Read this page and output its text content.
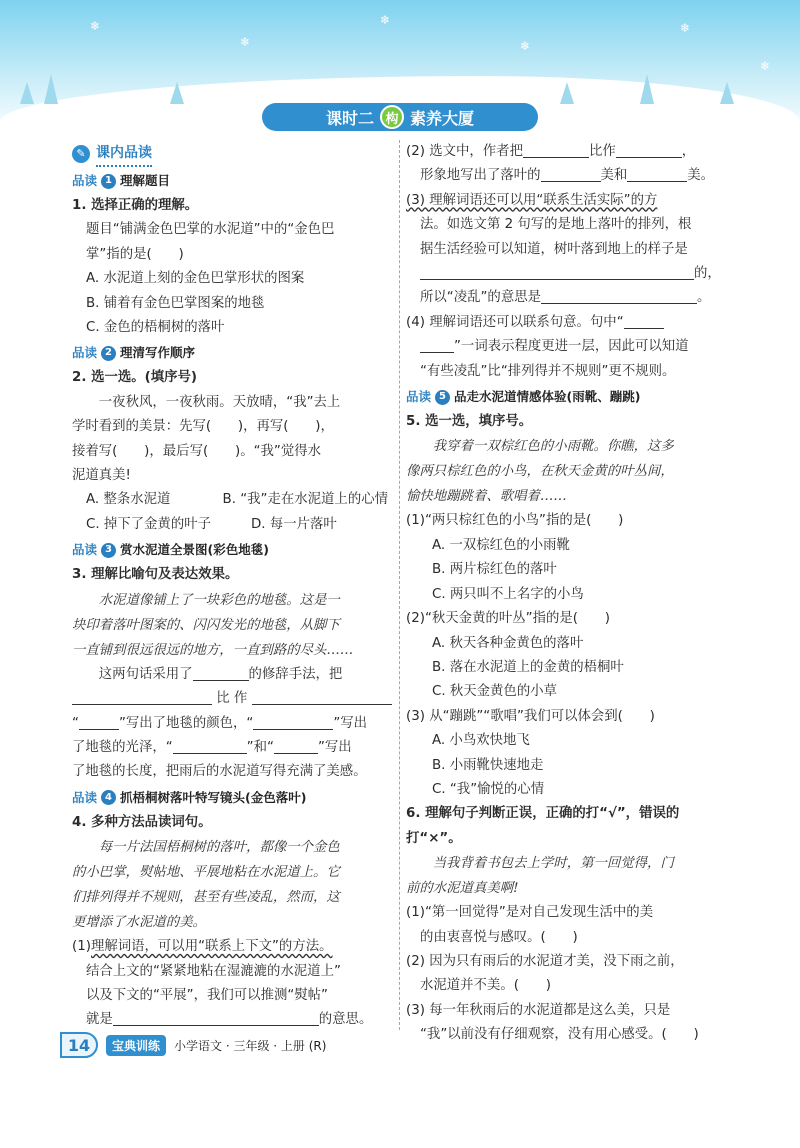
❄
❄
❄
❄
❄
❄
课时二 构 素养大厦
✎ 课内品读
品读 1 理解题目
1. 选择正确的理解。
题目“铺满金色巴掌的水泥道”中的“金色巴
掌”指的是(　　)
A. 水泥道上刻的金色巴掌形状的图案
B. 铺着有金色巴掌图案的地毯
C. 金色的梧桐树的落叶
品读 2 理清写作顺序
2. 选一选。(填序号)
一夜秋风，一夜秋雨。天放晴，“我”去上
学时看到的美景：先写(　　)，再写(　　)，
接着写(　　)，最后写(　　)。“我”觉得水
泥道真美!
A. 整条水泥道	B. “我”走在水泥道上的心情
C. 掉下了金黄的叶子	D. 每一片落叶
品读 3 赏水泥道全景图(彩色地毯)
3. 理解比喻句及表达效果。
水泥道像铺上了一块彩色的地毯。这是一
块印着落叶图案的、闪闪发光的地毯，从脚下
一直铺到很远很远的地方，一直到路的尽头……
这两句话采用了	的修辞手法，把
比 作
“	”写出了地毯的颜色，“	”写出
了地毯的光泽，“	”和“	”写出
了地毯的长度，把雨后的水泥道写得充满了美感。
品读 4 抓梧桐树落叶特写镜头(金色落叶)
4. 多种方法品读词句。
每一片法国梧桐树的落叶，都像一个金色
的小巴掌，熨帖地、平展地粘在水泥道上。它
们排列得并不规则，甚至有些凌乱，然而，这
更增添了水泥道的美。
(1)理解词语，可以用“联系上下文”的方法。
结合上文的“紧紧地粘在湿漉漉的水泥道上”
以及下文的“平展”，我们可以推测“熨帖”
就是	的意思。
(2) 选文中，作者把	比作	，
形象地写出了落叶的	美和	美。
(3) 理解词语还可以用“联系生活实际”的方
法。如选文第 2 句写的是地上落叶的排列，根
据生活经验可以知道，树叶落到地上的样子是
的，
所以“凌乱”的意思是	。
(4) 理解词语还可以联系句意。句中“
”一词表示程度更进一层，因此可以知道
“有些凌乱”比“排列得并不规则”更不规则。
品读 5 品走水泥道情感体验(雨靴、蹦跳)
5. 选一选，填序号。
我穿着一双棕红色的小雨靴。你瞧，这多
像两只棕红色的小鸟，在秋天金黄的叶丛间，
愉快地蹦跳着、歌唱着……
(1)“两只棕红色的小鸟”指的是(　　)
A. 一双棕红色的小雨靴
B. 两片棕红色的落叶
C. 两只叫不上名字的小鸟
(2)“秋天金黄的叶丛”指的是(　　)
A. 秋天各种金黄色的落叶
B. 落在水泥道上的金黄的梧桐叶
C. 秋天金黄色的小草
(3) 从“蹦跳”“歌唱”我们可以体会到(　　)
A. 小鸟欢快地飞
B. 小雨靴快速地走
C. “我”愉悦的心情
6. 理解句子判断正误，正确的打“√”，错误的打“×”。
当我背着书包去上学时，第一回觉得，门
前的水泥道真美啊!
(1)“第一回觉得”是对自己发现生活中的美
的由衷喜悦与感叹。(　　)
(2) 因为只有雨后的水泥道才美，没下雨之前，
水泥道并不美。(　　)
(3) 每一年秋雨后的水泥道都是这么美，只是
“我”以前没有仔细观察，没有用心感受。(　　)
14	宝典训练	小学语文 · 三年级 · 上册 (R)
